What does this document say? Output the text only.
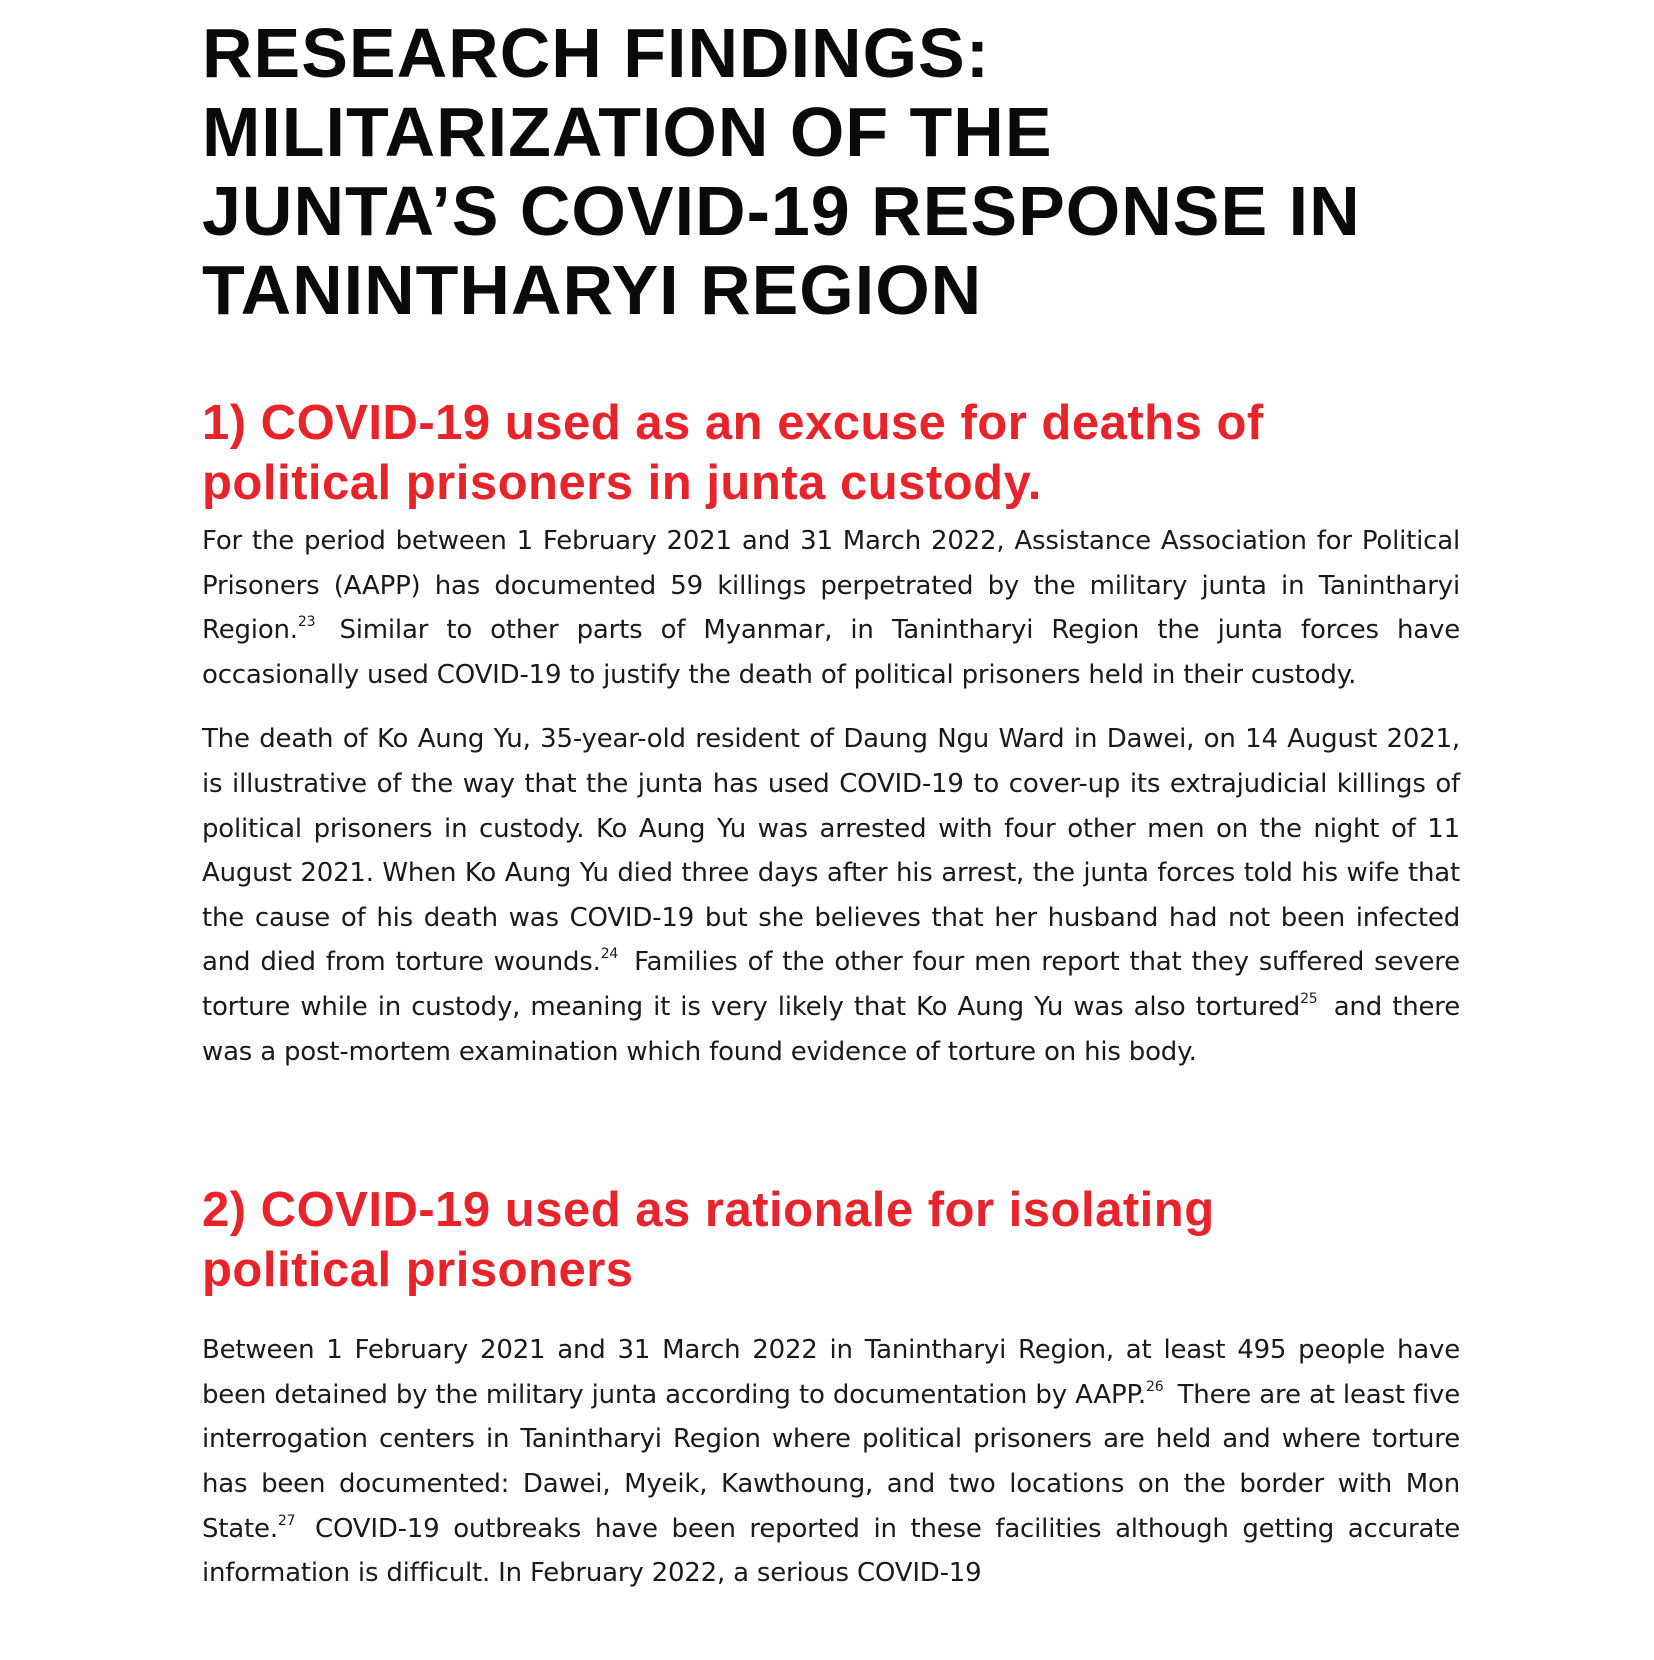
RESEARCH FINDINGS:
MILITARIZATION OF THE
JUNTA’S COVID-19 RESPONSE IN
TANINTHARYI REGION
1) COVID-19 used as an excuse for deaths of
political prisoners in junta custody.

For the period between 1 February 2021 and 31 March 2022, Assistance Association for Political Prisoners (AAPP) has documented 59 killings perpetrated by the military junta in Tanintharyi Region.$^{23}$ Similar to other parts of Myanmar, in Tanintharyi Region the junta forces have occasionally used COVID-19 to justify the death of political prisoners held in their custody.

The death of Ko Aung Yu, 35-year-old resident of Daung Ngu Ward in Dawei, on 14 August 2021, is illustrative of the way that the junta has used COVID-19 to cover-up its extrajudicial killings of political prisoners in custody. Ko Aung Yu was arrested with four other men on the night of 11 August 2021. When Ko Aung Yu died three days after his arrest, the junta forces told his wife that the cause of his death was COVID-19 but she believes that her husband had not been infected and died from torture wounds.$^{24}$ Families of the other four men report that they suffered severe torture while in custody, meaning it is very likely that Ko Aung Yu was also tortured$^{25}$ and there was a post-mortem examination which found evidence of torture on his body.

2) COVID-19 used as rationale for isolating
political prisoners

Between 1 February 2021 and 31 March 2022 in Tanintharyi Region, at least 495 people have been detained by the military junta according to documentation by AAPP.$^{26}$ There are at least five interrogation centers in Tanintharyi Region where political prisoners are held and where torture has been documented: Dawei, Myeik, Kawthoung, and two locations on the border with Mon State.$^{27}$ COVID-19 outbreaks have been reported in these facilities although getting accurate information is difficult. In February 2022, a serious COVID-19
